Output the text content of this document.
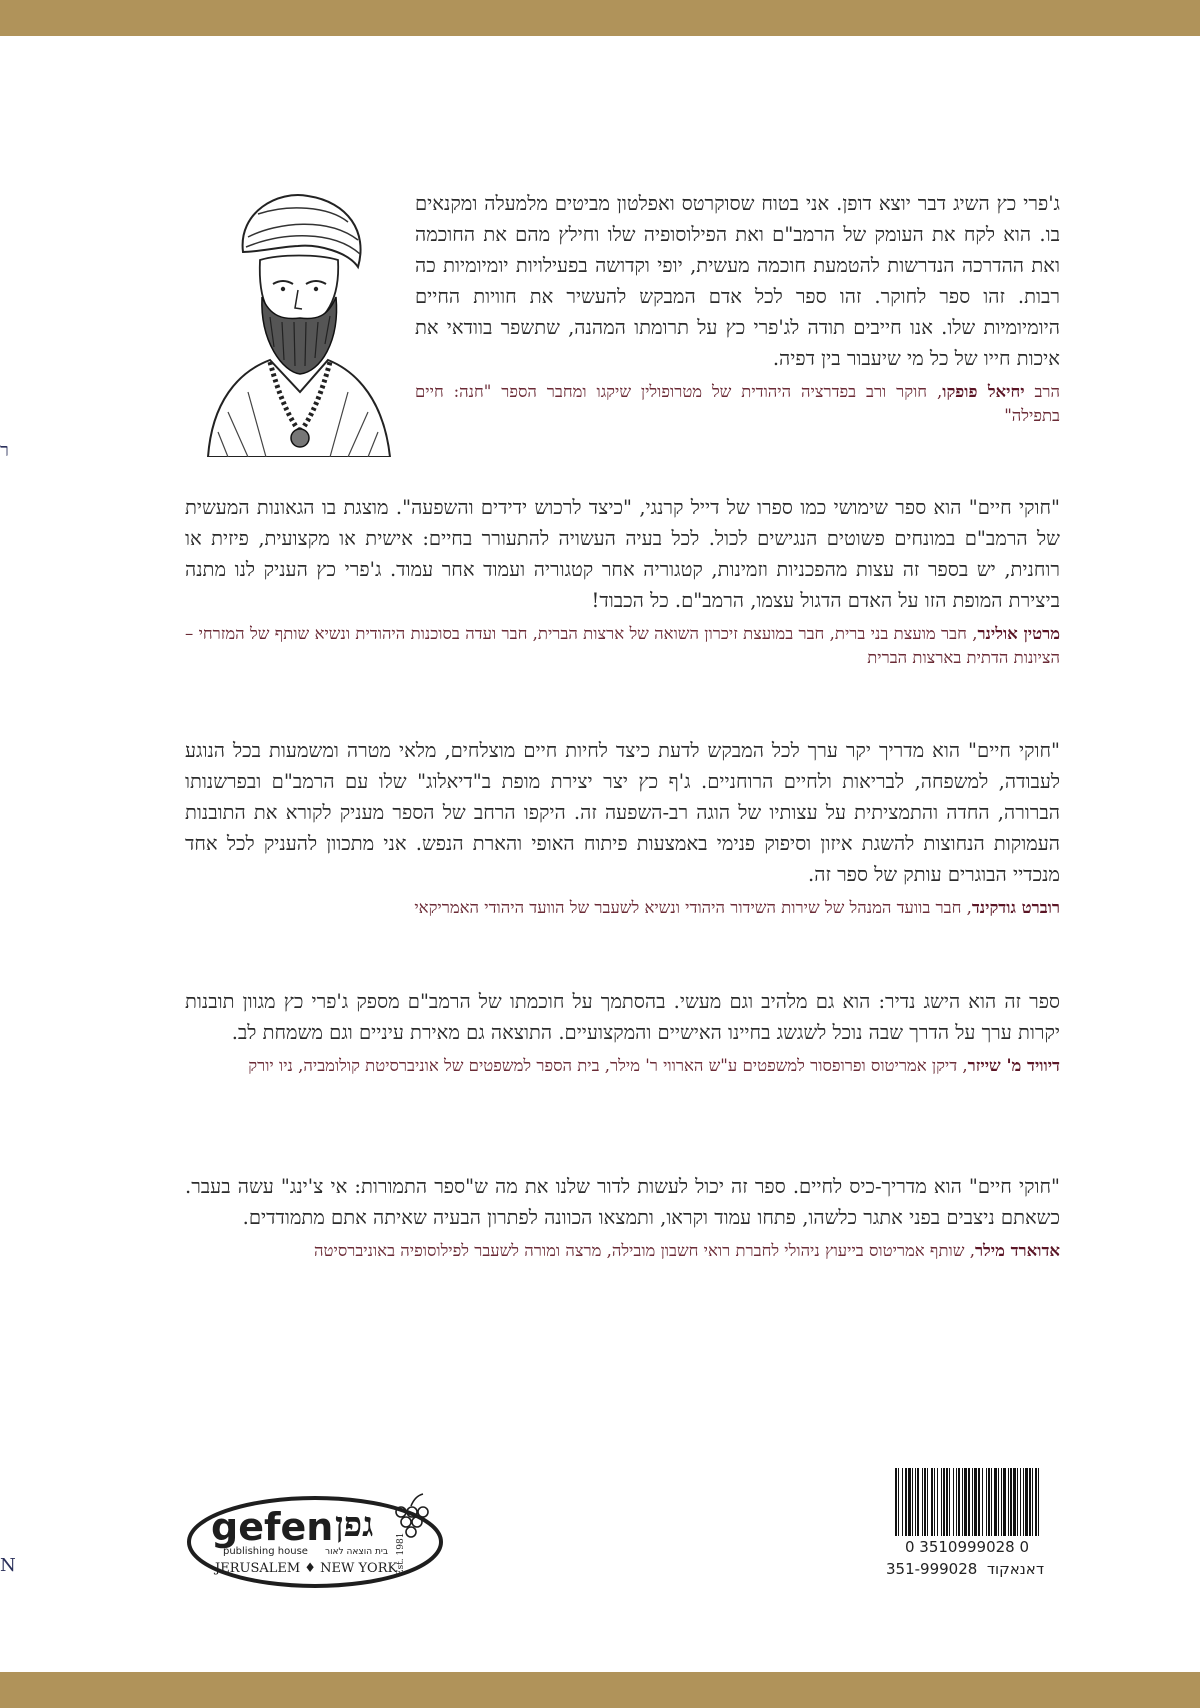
ג'פרי כץ השיג דבר יוצא דופן. אני בטוח שסוקרטס ואפלטון מביטים מלמעלה ומקנאים בו. הוא לקח את העומק של הרמב"ם ואת הפילוסופיה שלו וחילץ מהם את החוכמה ואת ההדרכה הנדרשות להטמעת חוכמה מעשית, יופי וקדושה בפעילויות יומיומיות כה רבות. זהו ספר לחוקר. זהו ספר לכל אדם המבקש להעשיר את חוויות החיים היומיומיות שלו. אנו חייבים תודה לג'פרי כץ על תרומתו המהנה, שתשפר בוודאי את איכות חייו של כל מי שיעבור בין דפיה.

הרב יחיאל פופקו, חוקר ורב בפדרציה היהודית של מטרופולין שיקגו ומחבר הספר "חנה: חיים בתפילה"

"חוקי חיים" הוא ספר שימושי כמו ספרו של דייל קרנגי, "כיצד לרכוש ידידים והשפעה". מוצגת בו הגאונות המעשית של הרמב"ם במונחים פשוטים הנגישים לכול. לכל בעיה העשויה להתעורר בחיים: אישית או מקצועית, פיזית או רוחנית, יש בספר זה עצות מהפכניות וזמינות, קטגוריה אחר קטגוריה ועמוד אחר עמוד. ג'פרי כץ העניק לנו מתנה ביצירת המופת הזו על האדם הדגול עצמו, הרמב"ם. כל הכבוד!

מרטין אולינר, חבר מועצת בני ברית, חבר במועצת זיכרון השואה של ארצות הברית, חבר ועדה בסוכנות היהודית ונשיא שותף של המזרחי – הציונות הדתית בארצות הברית

"חוקי חיים" הוא מדריך יקר ערך לכל המבקש לדעת כיצד לחיות חיים מוצלחים, מלאי מטרה ומשמעות בכל הנוגע לעבודה, למשפחה, לבריאות ולחיים הרוחניים. ג'ף כץ יצר יצירת מופת ב"דיאלוג" שלו עם הרמב"ם ובפרשנותו הברורה, החדה והתמציתית על עצותיו של הוגה רב-השפעה זה. היקפו הרחב של הספר מעניק לקורא את התובנות העמוקות הנחוצות להשגת איזון וסיפוק פנימי באמצעות פיתוח האופי והארת הנפש. אני מתכוון להעניק לכל אחד מנכדיי הבוגרים עותק של ספר זה.

רוברט גודקינד, חבר בוועד המנהל של שירות השידור היהודי ונשיא לשעבר של הוועד היהודי האמריקאי

ספר זה הוא הישג נדיר: הוא גם מלהיב וגם מעשי. בהסתמך על חוכמתו של הרמב"ם מספק ג'פרי כץ מגוון תובנות יקרות ערך על הדרך שבה נוכל לשגשג בחיינו האישיים והמקצועיים. התוצאה גם מאירת עיניים וגם משמחת לב.

דיוויד מ' שייזר, דיקן אמריטוס ופרופסור למשפטים ע"ש הארווי ר' מילר, בית הספר למשפטים של אוניברסיטת קולומביה, ניו יורק

"חוקי חיים" הוא מדריך-כיס לחיים. ספר זה יכול לעשות לדור שלנו את מה ש"ספר התמורות: אי צ'ינג" עשה בעבר. כשאתם ניצבים בפני אתגר כלשהו, פתחו עמוד וקראו, ותמצאו הכוונה לפתרון הבעיה שאיתה אתם מתמודדים.

אדוארד מילר, שותף אמריטוס בייעוץ ניהולי לחברת רואי חשבון מובילה, מרצה ומורה לשעבר לפילוסופיה באוניברסיטה

ר
N
gefen גפן
publishing house בית הוצאה לאור
JERUSALEM ♦ NEW YORK
Est. 1981	0 3510999028 0
דאנאקוד  351-999028
